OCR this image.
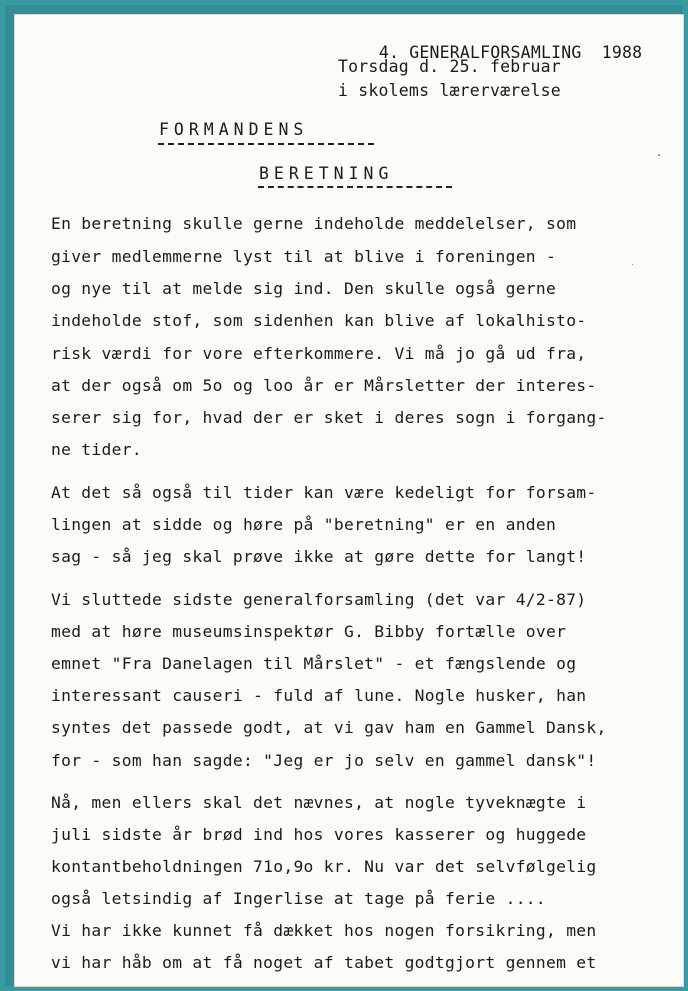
4. GENERALFORSAMLING 1988

Torsdag d. 25. februar
i skolems lærerværelse
FORMANDENS
BERETNING

En beretning skulle gerne indeholde meddelelser, som

giver medlemmerne lyst til at blive i foreningen -

og nye til at melde sig ind. Den skulle også gerne

indeholde stof, som sidenhen kan blive af lokalhisto-

risk værdi for vore efterkommere. Vi må jo gå ud fra,

at der også om 5o og loo år er Mårsletter der interes-

serer sig for, hvad der er sket i deres sogn i forgang-

ne tider.

At det så også til tider kan være kedeligt for forsam-

lingen at sidde og høre på "beretning" er en anden

sag - så jeg skal prøve ikke at gøre dette for langt!

Vi sluttede sidste generalforsamling (det var 4/2-87)

med at høre museumsinspektør G. Bibby fortælle over

emnet "Fra Danelagen til Mårslet" - et fængslende og

interessant causeri - fuld af lune. Nogle husker, han

syntes det passede godt, at vi gav ham en Gammel Dansk,

for - som han sagde: "Jeg er jo selv en gammel dansk"!

Nå, men ellers skal det nævnes, at nogle tyveknægte i

juli sidste år brød ind hos vores kasserer og huggede

kontantbeholdningen 71o,9o kr. Nu var det selvfølgelig

også letsindig af Ingerlise at tage på ferie ....

Vi har ikke kunnet få dækket hos nogen forsikring, men

vi har håb om at få noget af tabet godtgjort gennem et
